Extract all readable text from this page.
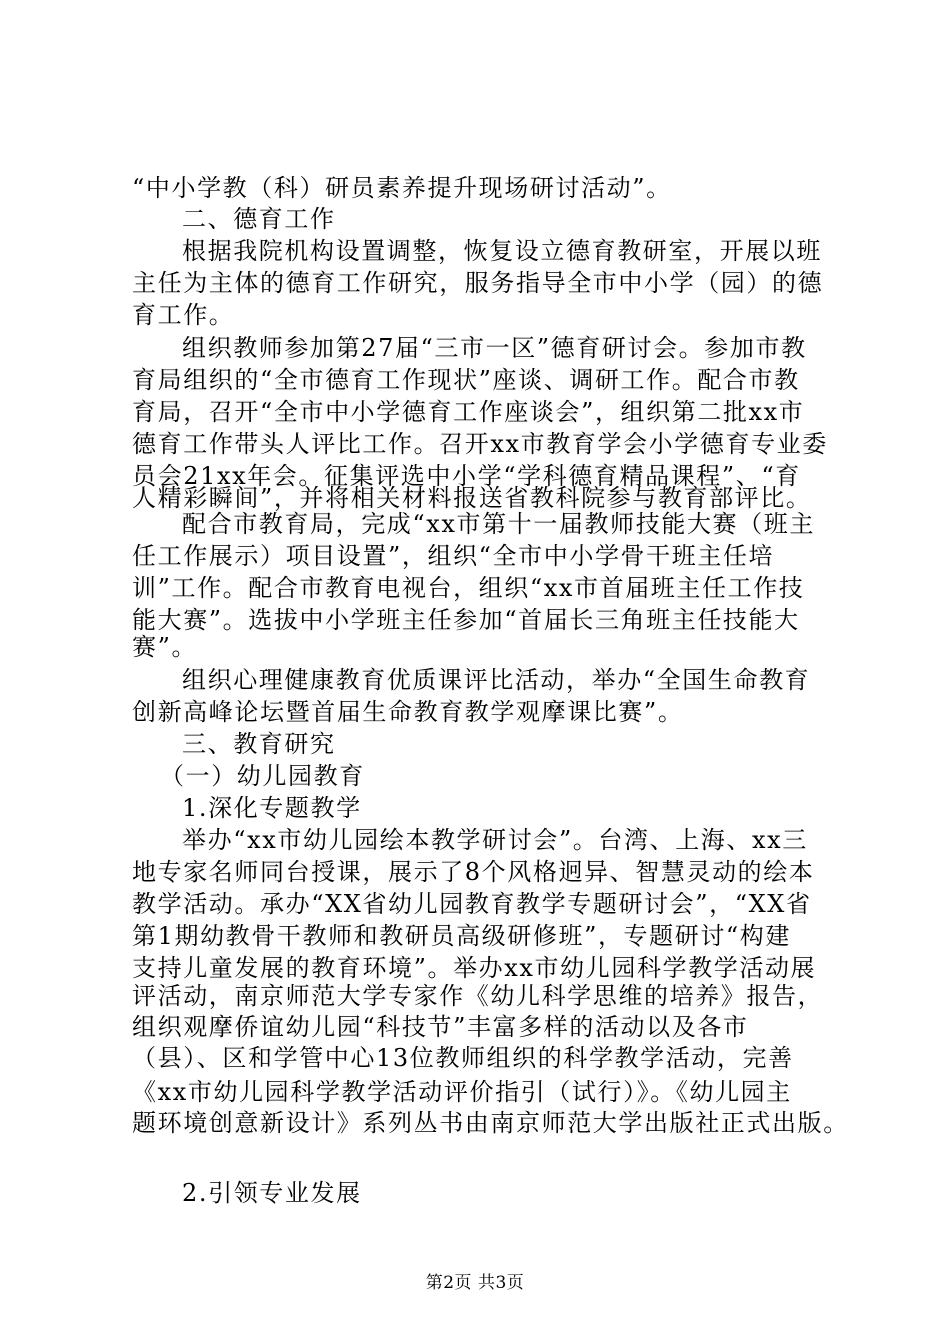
“中小学教（科）研员素养提升现场研讨活动”。
二、德育工作
根据我院机构设置调整，恢复设立德育教研室，开展以班
主任为主体的德育工作研究，服务指导全市中小学（园）的德
育工作。
组织教师参加第27届“三市一区”德育研讨会。参加市教
育局组织的“全市德育工作现状”座谈、调研工作。配合市教
育局，召开“全市中小学德育工作座谈会”，组织第二批xx市
德育工作带头人评比工作。召开xx市教育学会小学德育专业委
员会21xx年会。征集评选中小学“学科德育精品课程”、“育
人精彩瞬间”，并将相关材料报送省教科院参与教育部评比。
配合市教育局，完成“xx市第十一届教师技能大赛（班主
任工作展示）项目设置”，组织“全市中小学骨干班主任培
训”工作。配合市教育电视台，组织“xx市首届班主任工作技
能大赛”。选拔中小学班主任参加“首届长三角班主任技能大
赛”。
组织心理健康教育优质课评比活动，举办“全国生命教育
创新高峰论坛暨首届生命教育教学观摩课比赛”。
三、教育研究
（一）幼儿园教育
1.深化专题教学
举办“xx市幼儿园绘本教学研讨会”。台湾、上海、xx三
地专家名师同台授课，展示了8个风格迥异、智慧灵动的绘本
教学活动。承办“XX省幼儿园教育教学专题研讨会”，“XX省
第1期幼教骨干教师和教研员高级研修班”，专题研讨“构建
支持儿童发展的教育环境”。举办xx市幼儿园科学教学活动展
评活动，南京师范大学专家作《幼儿科学思维的培养》报告，
组织观摩侨谊幼儿园“科技节”丰富多样的活动以及各市
（县）、区和学管中心13位教师组织的科学教学活动，完善
《xx市幼儿园科学教学活动评价指引（试行）》。《幼儿园主
题环境创意新设计》系列丛书由南京师范大学出版社正式出版。
2.引领专业发展
第2页 共3页
